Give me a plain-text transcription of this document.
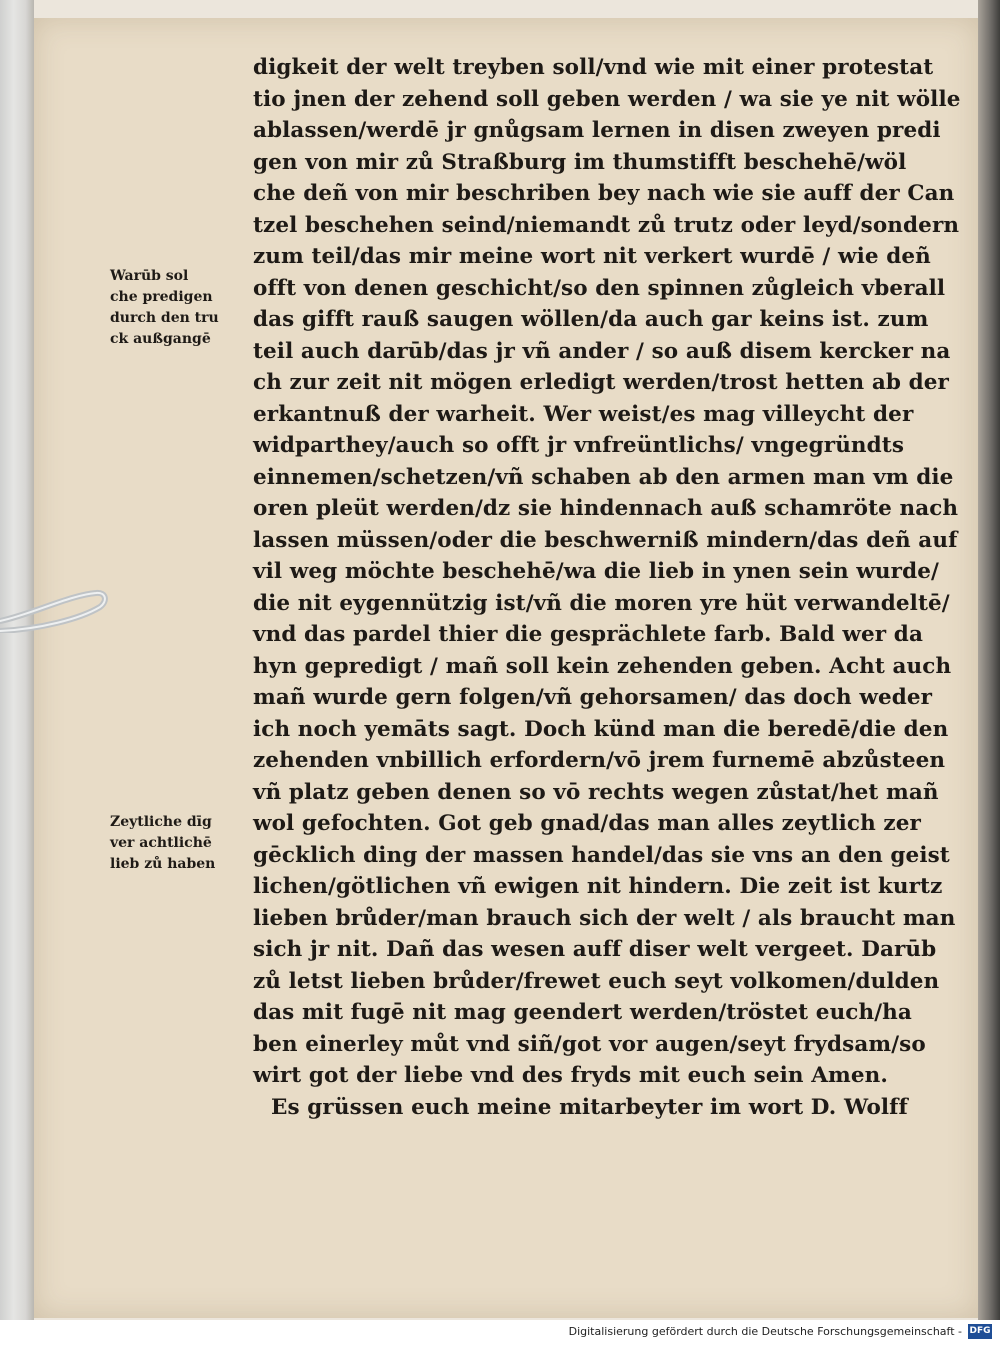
digkeit der welt treyben soll/vnd wie mit einer protestat
tio jnen der zehend soll geben werden / wa sie ye nit wölle
ablassen/werdē jr gnůgsam lernen in disen zweyen predi
gen von mir zů Straßburg im thumstifft beschehē/wöl
che deñ von mir beschriben bey nach wie sie auff der Can
tzel beschehen seind/niemandt zů trutz oder leyd/sondern
zum teil/das mir meine wort nit verkert wurdē / wie deñ
offt von denen geschicht/so den spinnen zůgleich vberall
das gifft rauß saugen wöllen/da auch gar keins ist. zum
teil auch darūb/das jr vñ ander / so auß disem kercker na
ch zur zeit nit mögen erledigt werden/trost hetten ab der
erkantnuß der warheit. Wer weist/es mag villeycht der
widparthey/auch so offt jr vnfreüntlichs/ vngegründts
einnemen/schetzen/vñ schaben ab den armen man vm die
oren pleüt werden/dz sie hindennach auß schamröte nach
lassen müssen/oder die beschwerniß mindern/das deñ auf
vil weg möchte beschehē/wa die lieb in ynen sein wurde/
die nit eygennützig ist/vñ die moren yre hüt verwandeltē/
vnd das pardel thier die gesprächlete farb. Bald wer da
hyn gepredigt / mañ soll kein zehenden geben. Acht auch
mañ wurde gern folgen/vñ gehorsamen/ das doch weder
ich noch yemāts sagt. Doch künd man die beredē/die den
zehenden vnbillich erfordern/vō jrem furnemē abzůsteen
vñ platz geben denen so vō rechts wegen zůstat/het mañ
wol gefochten. Got geb gnad/das man alles zeytlich zer
gēcklich ding der massen handel/das sie vns an den geist
lichen/götlichen vñ ewigen nit hindern. Die zeit ist kurtz
lieben brůder/man brauch sich der welt / als braucht man
sich jr nit. Dañ das wesen auff diser welt vergeet. Darūb
zů letst lieben brůder/frewet euch seyt volkomen/dulden
das mit fugē nit mag geendert werden/tröstet euch/ha
ben einerley můt vnd siñ/got vor augen/seyt frydsam/so
wirt got der liebe vnd des fryds mit euch sein Amen.
Es grüssen euch meine mitarbeyter im wort D. Wolff
Warūb sol
che predigen
durch den tru
ck außgangē
Zeytliche dīg
ver achtlichē
lieb zů haben
Digitalisierung gefördert durch die Deutsche Forschungsgemeinschaft - DFG
